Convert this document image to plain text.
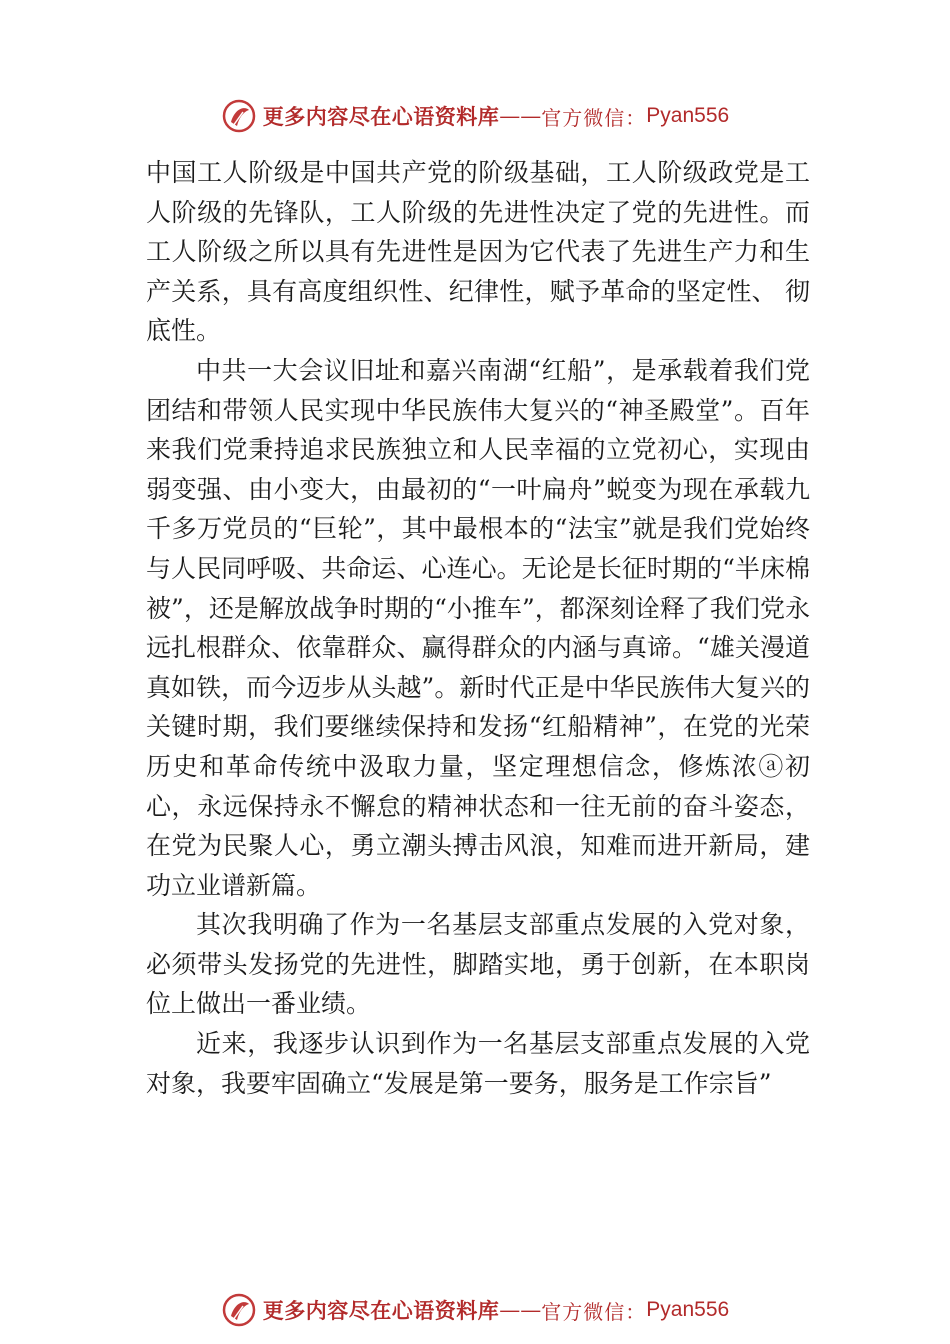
更多内容尽在心语资料库 —— 官方微信： Pyan556

中国工人阶级是中国共产党的阶级基础，工人阶级政党是工人阶级的先锋队，工人阶级的先进性决定了党的先进性。而工人阶级之所以具有先进性是因为它代表了先进生产力和生产关系，具有高度组织性、纪律性，赋予革命的坚定性、 彻底性。

中共一大会议旧址和嘉兴南湖“红船”，是承载着我们党团结和带领人民实现中华民族伟大复兴的“神圣殿堂”。百年来我们党秉持追求民族独立和人民幸福的立党初心，实现由弱变强、由小变大，由最初的“一叶扁舟”蜕变为现在承载九千多万党员的“巨轮”，其中最根本的“法宝”就是我们党始终与人民同呼吸、共命运、心连心。无论是长征时期的“半床棉被”，还是解放战争时期的“小推车”，都深刻诠释了我们党永远扎根群众、依靠群众、赢得群众的内涵与真谛。“雄关漫道真如铁，而今迈步从头越”。新时代正是中华民族伟大复兴的关键时期，我们要继续保持和发扬“红船精神”，在党的光荣历史和革命传统中汲取力量，坚定理想信念，修炼浓ⓐ初心，永远保持永不懈怠的精神状态和一往无前的奋斗姿态，在党为民聚人心，勇立潮头搏击风浪，知难而进开新局，建功立业谱新篇。

其次我明确了作为一名基层支部重点发展的入党对象，必须带头发扬党的先进性，脚踏实地，勇于创新，在本职岗位上做出一番业绩。

近来，我逐步认识到作为一名基层支部重点发展的入党对象，我要牢固确立“发展是第一要务，服务是工作宗旨”

更多内容尽在心语资料库 —— 官方微信： Pyan556
